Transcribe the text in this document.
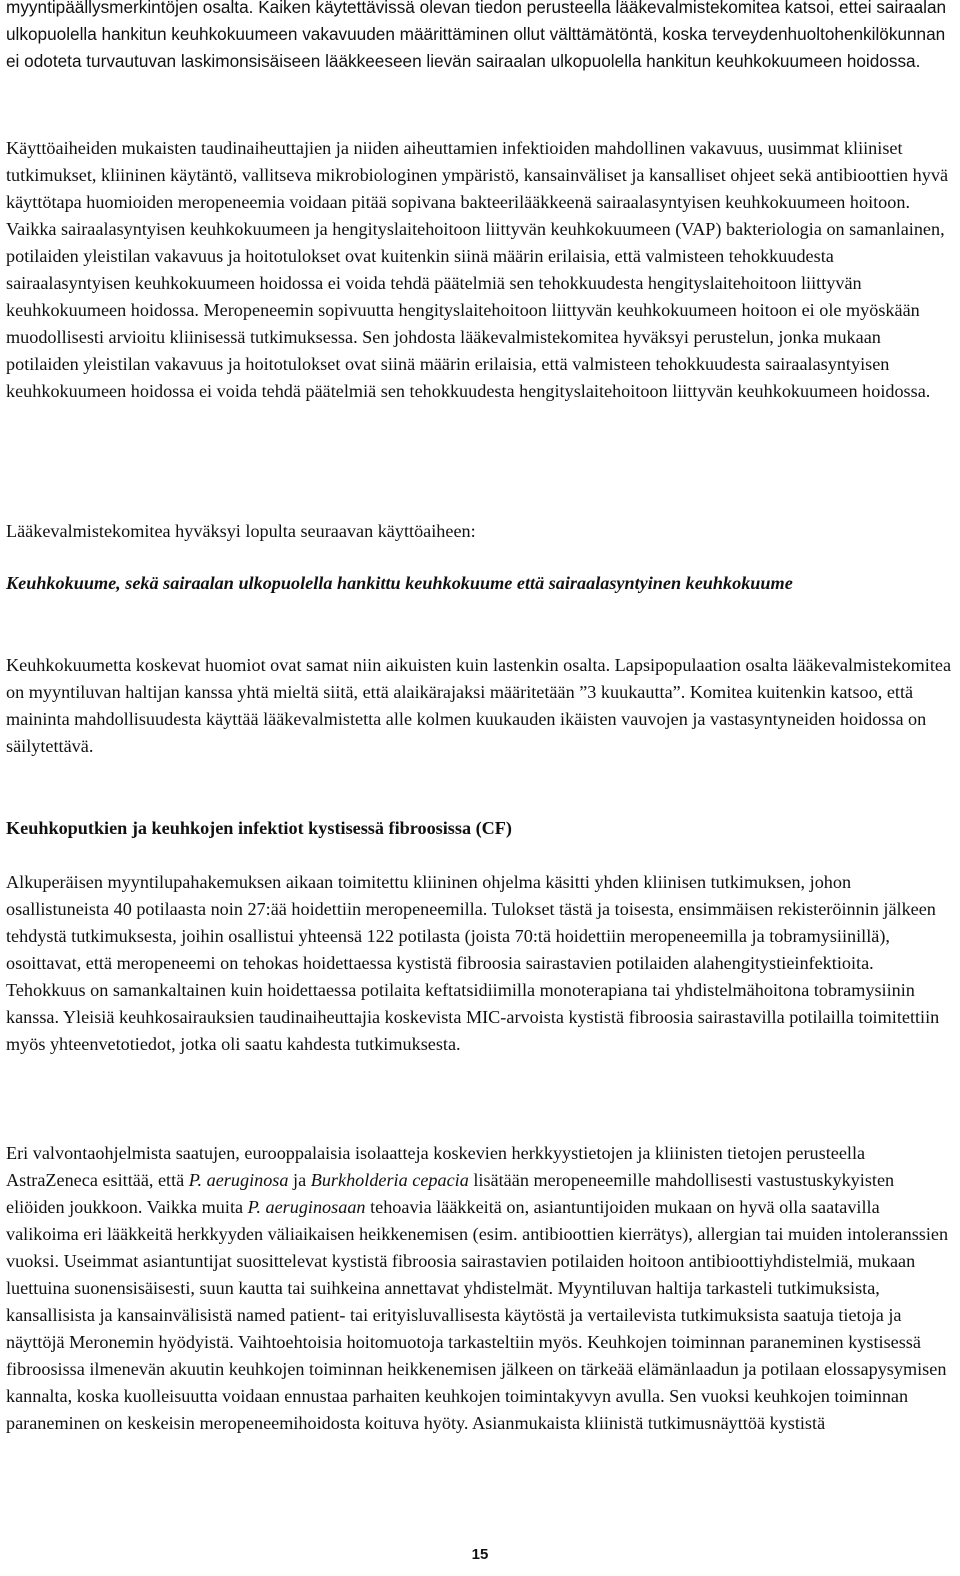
myyntipäällysmerkintöjen osalta. Kaiken käytettävissä olevan tiedon perusteella lääkevalmistekomitea katsoi, ettei sairaalan ulkopuolella hankitun keuhkokuumeen vakavuuden määrittäminen ollut välttämätöntä, koska terveydenhuoltohenkilökunnan ei odoteta turvautuvan laskimonsisäiseen lääkkeeseen lievän sairaalan ulkopuolella hankitun keuhkokuumeen hoidossa.

Käyttöaiheiden mukaisten taudinaiheuttajien ja niiden aiheuttamien infektioiden mahdollinen vakavuus, uusimmat kliiniset tutkimukset, kliininen käytäntö, vallitseva mikrobiologinen ympäristö, kansainväliset ja kansalliset ohjeet sekä antibioottien hyvä käyttötapa huomioiden meropeneemia voidaan pitää sopivana bakteerilääkkeenä sairaalasyntyisen keuhkokuumeen hoitoon. Vaikka sairaalasyntyisen keuhkokuumeen ja hengityslaitehoitoon liittyvän keuhkokuumeen (VAP) bakteriologia on samanlainen, potilaiden yleistilan vakavuus ja hoitotulokset ovat kuitenkin siinä määrin erilaisia, että valmisteen tehokkuudesta sairaalasyntyisen keuhkokuumeen hoidossa ei voida tehdä päätelmiä sen tehokkuudesta hengityslaitehoitoon liittyvän keuhkokuumeen hoidossa. Meropeneemin sopivuutta hengityslaitehoitoon liittyvän keuhkokuumeen hoitoon ei ole myöskään muodollisesti arvioitu kliinisessä tutkimuksessa. Sen johdosta lääkevalmistekomitea hyväksyi perustelun, jonka mukaan potilaiden yleistilan vakavuus ja hoitotulokset ovat siinä määrin erilaisia, että valmisteen tehokkuudesta sairaalasyntyisen keuhkokuumeen hoidossa ei voida tehdä päätelmiä sen tehokkuudesta hengityslaitehoitoon liittyvän keuhkokuumeen hoidossa.

Lääkevalmistekomitea hyväksyi lopulta seuraavan käyttöaiheen:

Keuhkokuume, sekä sairaalan ulkopuolella hankittu keuhkokuume että sairaalasyntyinen keuhkokuume

Keuhkokuumetta koskevat huomiot ovat samat niin aikuisten kuin lastenkin osalta. Lapsipopulaation osalta lääkevalmistekomitea on myyntiluvan haltijan kanssa yhtä mieltä siitä, että alaikärajaksi määritetään ”3 kuukautta”. Komitea kuitenkin katsoo, että maininta mahdollisuudesta käyttää lääkevalmistetta alle kolmen kuukauden ikäisten vauvojen ja vastasyntyneiden hoidossa on säilytettävä.

Keuhkoputkien ja keuhkojen infektiot kystisessä fibroosissa (CF)

Alkuperäisen myyntilupahakemuksen aikaan toimitettu kliininen ohjelma käsitti yhden kliinisen tutkimuksen, johon osallistuneista 40 potilaasta noin 27:ää hoidettiin meropeneemilla. Tulokset tästä ja toisesta, ensimmäisen rekisteröinnin jälkeen tehdystä tutkimuksesta, joihin osallistui yhteensä 122 potilasta (joista 70:tä hoidettiin meropeneemilla ja tobramysiinillä), osoittavat, että meropeneemi on tehokas hoidettaessa kystistä fibroosia sairastavien potilaiden alahengitystieinfektioita. Tehokkuus on samankaltainen kuin hoidettaessa potilaita keftatsidiimilla monoterapiana tai yhdistelmähoitona tobramysiinin kanssa. Yleisiä keuhkosairauksien taudinaiheuttajia koskevista MIC-arvoista kystistä fibroosia sairastavilla potilailla toimitettiin myös yhteenvetotiedot, jotka oli saatu kahdesta tutkimuksesta.

Eri valvontaohjelmista saatujen, eurooppalaisia isolaatteja koskevien herkkyystietojen ja kliinisten tietojen perusteella AstraZeneca esittää, että P. aeruginosa ja Burkholderia cepacia lisätään meropeneemille mahdollisesti vastustuskykyisten eliöiden joukkoon. Vaikka muita P. aeruginosaan tehoavia lääkkeitä on, asiantuntijoiden mukaan on hyvä olla saatavilla valikoima eri lääkkeitä herkkyyden väliaikaisen heikkenemisen (esim. antibioottien kierrätys), allergian tai muiden intoleranssien vuoksi. Useimmat asiantuntijat suosittelevat kystistä fibroosia sairastavien potilaiden hoitoon antibioottiyhdistelmiä, mukaan luettuina suonensisäisesti, suun kautta tai suihkeina annettavat yhdistelmät. Myyntiluvan haltija tarkasteli tutkimuksista, kansallisista ja kansainvälisistä named patient- tai erityisluvallisesta käytöstä ja vertailevista tutkimuksista saatuja tietoja ja näyttöjä Meronemin hyödyistä. Vaihtoehtoisia hoitomuotoja tarkasteltiin myös. Keuhkojen toiminnan paraneminen kystisessä fibroosissa ilmenevän akuutin keuhkojen toiminnan heikkenemisen jälkeen on tärkeää elämänlaadun ja potilaan elossapysymisen kannalta, koska kuolleisuutta voidaan ennustaa parhaiten keuhkojen toimintakyvyn avulla. Sen vuoksi keuhkojen toiminnan paraneminen on keskeisin meropeneemihoidosta koituva hyöty. Asianmukaista kliinistä tutkimusnäyttöä kystistä

15
